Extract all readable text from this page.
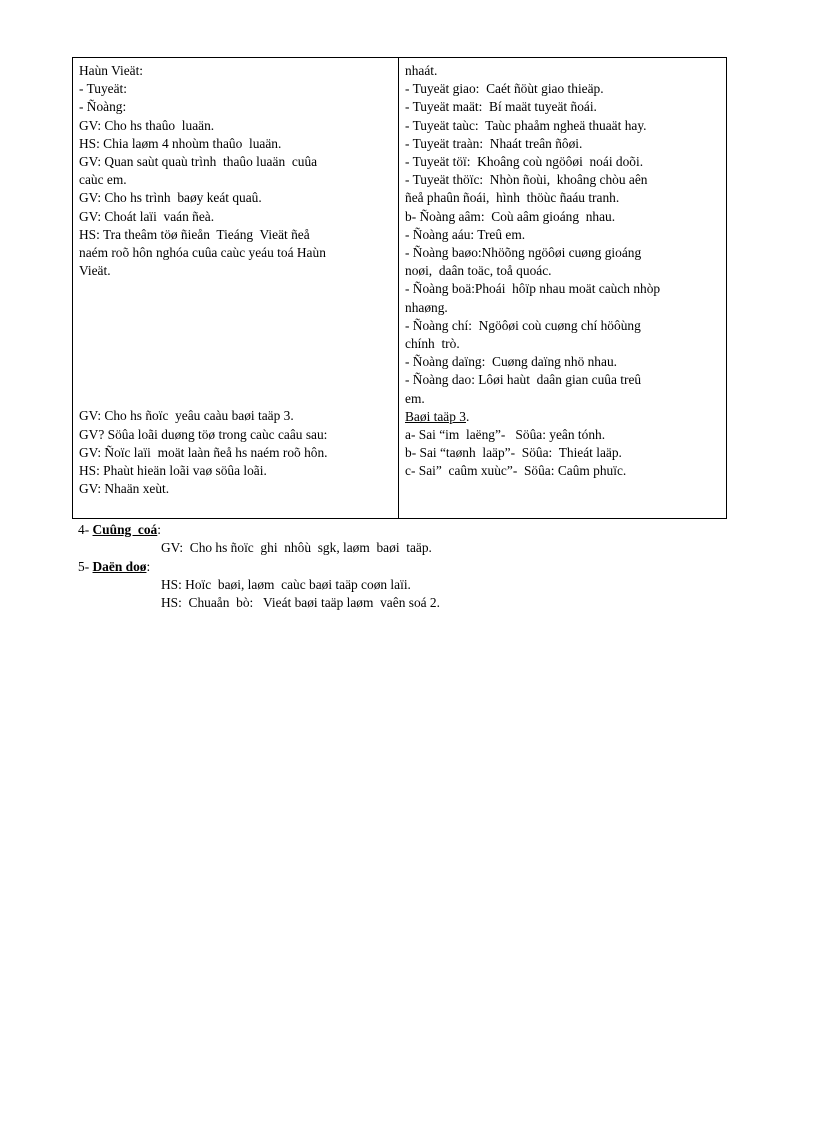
Haùn Vieät:
- Tuyeät:
- Ñoàng:
GV: Cho hs thaûo  luaän.
HS: Chia laøm 4 nhoùm thaûo  luaän.
GV: Quan saùt quaù trình  thaûo luaän  cuûa
caùc em.
GV: Cho hs trình  baøy keát quaû.
GV: Choát laïi  vaán ñeà.
HS: Tra theâm töø ñieån  Tieáng  Vieät ñeå
naém roõ hôn nghóa cuûa caùc yeáu toá Haùn
Vieät.
GV: Cho hs ñoïc  yeâu caàu baøi taäp 3.
GV? Söûa loãi duøng töø trong caùc caâu sau:
GV: Ñoïc laïi  moät laàn ñeå hs naém roõ hôn.
HS: Phaùt hieän loãi vaø söûa loãi.
GV: Nhaän xeùt.
nhaát.
- Tuyeät giao:  Caét ñöùt giao thieäp.
- Tuyeät maät:  Bí maät tuyeät ñoái.
- Tuyeät taùc:  Taùc phaåm ngheä thuaät hay.
- Tuyeät traàn:  Nhaát treân ñôøi.
- Tuyeät töï:  Khoâng coù ngöôøi  noái doõi.
- Tuyeät thöïc:  Nhòn ñoùi,  khoâng chòu aên
ñeå phaûn ñoái,  hình  thöùc ñaáu tranh.
b- Ñoàng aâm:  Coù aâm gioáng  nhau.
- Ñoàng aáu: Treû em.
- Ñoàng baøo:Nhöõng ngöôøi cuøng gioáng
noøi,  daân toäc, toå quoác.
- Ñoàng boä:Phoái  hôïp nhau moät caùch nhòp
nhaøng.
- Ñoàng chí:  Ngöôøi coù cuøng chí höôùng
chính  trò.
- Ñoàng daïng:  Cuøng daïng nhö nhau.
- Ñoàng dao: Lôøi haùt  daân gian cuûa treû
em.
Baøi taäp 3.
a- Sai “im  laëng”-   Söûa: yeân tónh.
b- Sai “taønh  laäp”-  Söûa:  Thieát laäp.
c- Sai”  caûm xuùc”-  Söûa: Caûm phuïc.
4- Cuûng  coá:
GV:  Cho hs ñoïc  ghi  nhôù  sgk, laøm  baøi  taäp.
5- Daën doø:
HS: Hoïc  baøi, laøm  caùc baøi taäp coøn laïi.
HS:  Chuaån  bò:   Vieát baøi taäp laøm  vaên soá 2.
